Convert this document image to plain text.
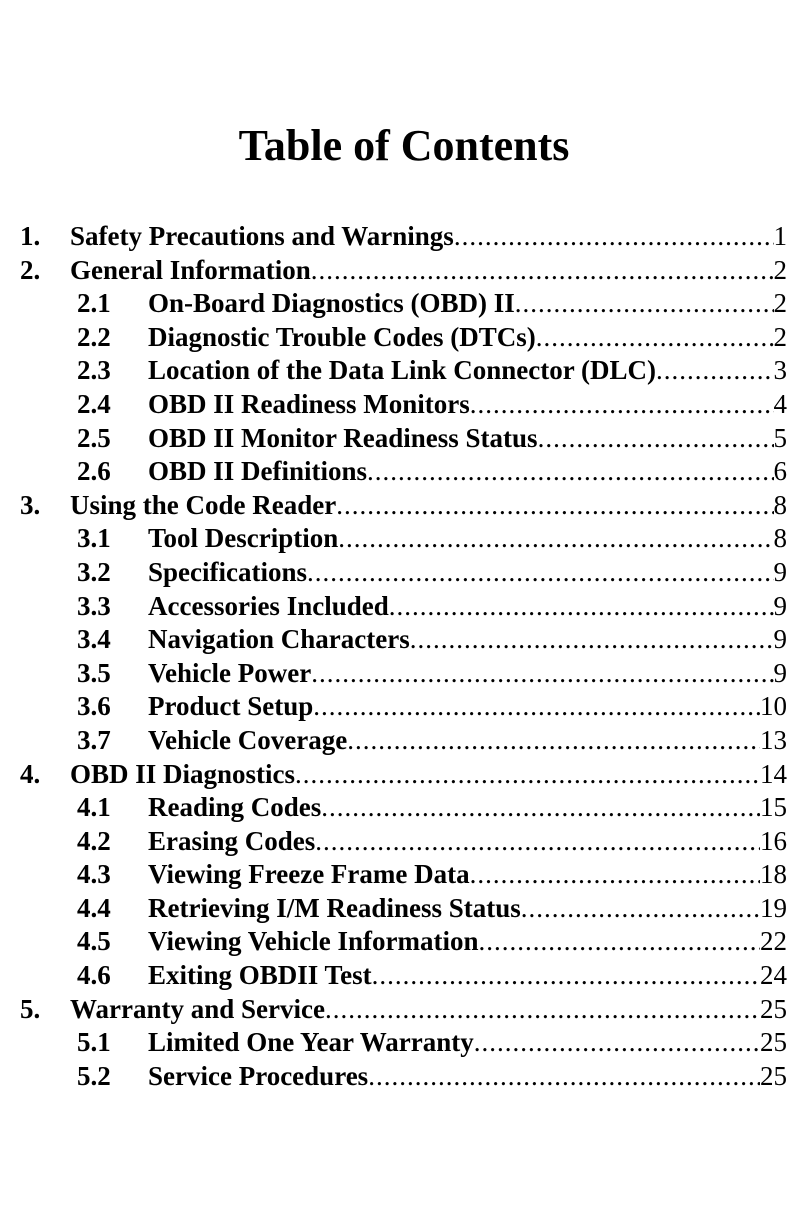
Table of Contents
1. Safety Precautions and Warnings .....	1
2. General Information .....	2
2.1 On-Board Diagnostics (OBD) II .....	2
2.2 Diagnostic Trouble Codes (DTCs) .....	2
2.3 Location of the Data Link Connector (DLC) .....	3
2.4 OBD II Readiness Monitors .....	4
2.5 OBD II Monitor Readiness Status .....	5
2.6 OBD II Definitions .....	6
3. Using the Code Reader .....	8
3.1 Tool Description .....	8
3.2 Specifications .....	9
3.3 Accessories Included .....	9
3.4 Navigation Characters .....	9
3.5 Vehicle Power .....	9
3.6 Product Setup .....	10
3.7 Vehicle Coverage .....	13
4. OBD II Diagnostics .....	14
4.1 Reading Codes .....	15
4.2 Erasing Codes .....	16
4.3 Viewing Freeze Frame Data .....	18
4.4 Retrieving I/M Readiness Status .....	19
4.5 Viewing Vehicle Information .....	22
4.6 Exiting OBDII Test .....	24
5. Warranty and Service .....	25
5.1 Limited One Year Warranty .....	25
5.2 Service Procedures .....	25
